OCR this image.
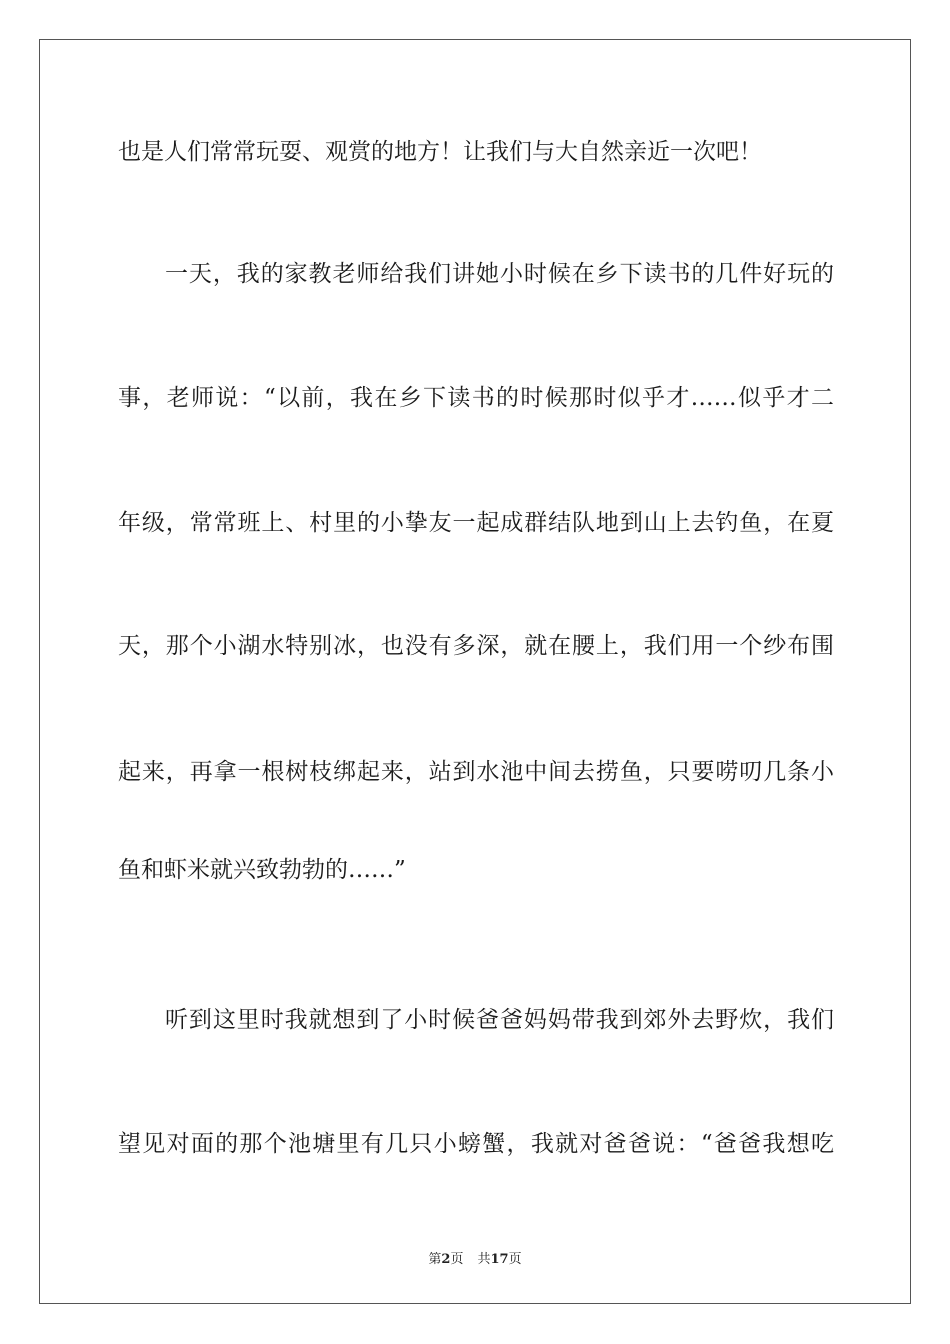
也是人们常常玩耍、观赏的地方！让我们与大自然亲近一次吧！
一天，我的家教老师给我们讲她小时候在乡下读书的几件好玩的
事，老师说：“以前，我在乡下读书的时候那时似乎才……似乎才二
年级，常常班上、村里的小挚友一起成群结队地到山上去钓鱼，在夏
天，那个小湖水特别冰，也没有多深，就在腰上，我们用一个纱布围
起来，再拿一根树枝绑起来，站到水池中间去捞鱼，只要唠叨几条小
鱼和虾米就兴致勃勃的……”
听到这里时我就想到了小时候爸爸妈妈带我到郊外去野炊，我们
望见对面的那个池塘里有几只小螃蟹，我就对爸爸说：“爸爸我想吃
第2页 共17页
